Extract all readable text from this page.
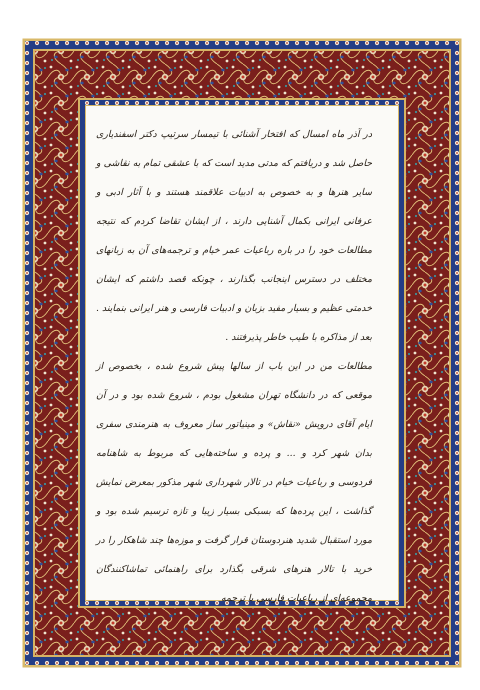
در آذر ماه امسال که افتخار آشنائی با تیمسار سرتیپ دکتر اسفندیاری حاصل شد و دریافتم که مدتی مدید است که با عشقی تمام به نقاشی و سایر هنرها و به خصوص به ادبیات علاقمند هستند و با آثار ادبی و عرفانی ایرانی بکمال آشنایی دارند ، از ایشان تقاضا کردم که نتیجه مطالعات خود را در باره رباعیات عمر خیام و ترجمه‌های آن به زبانهای مختلف در دسترس اینجانب بگذارند ، چونکه قصد داشتم که ایشان خدمتی عظیم و بسیار مفید بزبان و ادبیات فارسی و هنر ایرانی بنمایند . بعد از مذاکره با طیب خاطر پذیرفتند .

مطالعات من در این باب از سالها پیش شروع شده ، بخصوص از موقعی که در دانشگاه تهران مشغول بودم ، شروع شده بود و در آن ایام آقای درویش «نقاش» و مینیاتور ساز معروف به هنرمندی سفری بدان شهر کرد و ... و پرده و ساخته‌هایی که مربوط به شاهنامه فردوسی و رباعیات خیام در تالار شهرداری شهر مذکور بمعرض نمایش گذاشت ، این پرده‌ها که بسبکی بسیار زیبا و تازه ترسیم شده بود و مورد استقبال شدید هنردوستان قرار گرفت و موزه‌ها چند شاهکار را در خرید با تالار هنرهای شرقی بگذارد برای راهنمائی تماشاکنندگان مجموعه‌ای از رباعیات فارسی با ترجمه
